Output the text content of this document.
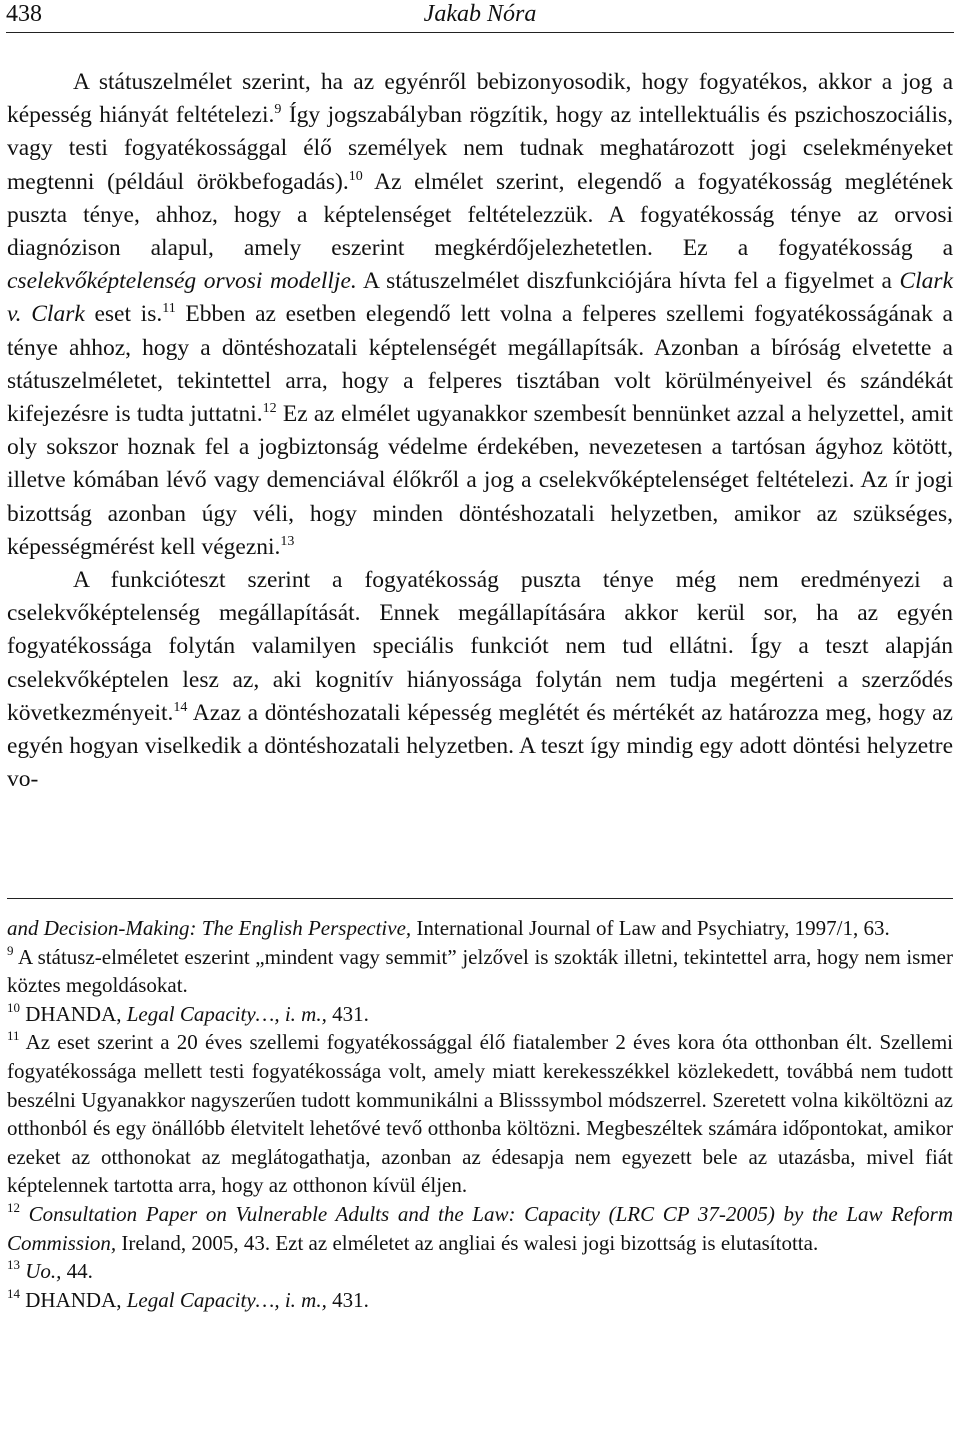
438	Jakab Nóra

A státuszelmélet szerint, ha az egyénről bebizonyosodik, hogy fogyatékos, akkor a jog a képesség hiányát feltételezi.$^9$ Így jogszabályban rögzítik, hogy az intellektuális és pszichoszociális, vagy testi fogyatékossággal élő személyek nem tudnak meghatározott jogi cselekményeket megtenni (például örökbefogadás).$^{10}$ Az elmélet szerint, elegendő a fogyatékosság meglétének puszta ténye, ahhoz, hogy a képtelenséget feltételezzük. A fogyatékosság ténye az orvosi diagnózison alapul, amely eszerint megkérdőjelezhetetlen. Ez a fogyatékosság a cselekvőképtelenség orvosi modellje. A státuszelmélet diszfunkciójára hívta fel a figyelmet a Clark v. Clark eset is.$^{11}$ Ebben az esetben elegendő lett volna a felperes szellemi fogyatékosságának a ténye ahhoz, hogy a döntéshozatali képtelenségét megállapítsák. Azonban a bíróság elvetette a státuszelméletet, tekintettel arra, hogy a felperes tisztában volt körülményeivel és szándékát kifejezésre is tudta juttatni.$^{12}$ Ez az elmélet ugyanakkor szembesít bennünket azzal a helyzettel, amit oly sokszor hoznak fel a jogbiztonság védelme érdekében, nevezetesen a tartósan ágyhoz kötött, illetve kómában lévő vagy demenciával élőkről a jog a cselekvőképtelenséget feltételezi. Az ír jogi bizottság azonban úgy véli, hogy minden döntéshozatali helyzetben, amikor az szükséges, képességmérést kell végezni.$^{13}$

A funkcióteszt szerint a fogyatékosság puszta ténye még nem eredményezi a cselekvőképtelenség megállapítását. Ennek megállapítására akkor kerül sor, ha az egyén fogyatékossága folytán valamilyen speciális funkciót nem tud ellátni. Így a teszt alapján cselekvőképtelen lesz az, aki kognitív hiányossága folytán nem tudja megérteni a szerződés következményeit.$^{14}$ Azaz a döntéshozatali képesség meglétét és mértékét az határozza meg, hogy az egyén hogyan viselkedik a döntéshozatali helyzetben. A teszt így mindig egy adott döntési helyzetre vo-

and Decision-Making: The English Perspective, International Journal of Law and Psychiatry, 1997/1, 63.

$^9$ A státusz-elméletet eszerint „mindent vagy semmit” jelzővel is szokták illetni, tekintettel arra, hogy nem ismer köztes megoldásokat.

$^{10}$ DHANDA, Legal Capacity…, i. m., 431.

$^{11}$ Az eset szerint a 20 éves szellemi fogyatékossággal élő fiatalember 2 éves kora óta otthonban élt. Szellemi fogyatékossága mellett testi fogyatékossága volt, amely miatt kerekesszékkel közlekedett, továbbá nem tudott beszélni Ugyanakkor nagyszerűen tudott kommunikálni a Blisssymbol módszerrel. Szeretett volna kiköltözni az otthonból és egy önállóbb életvitelt lehetővé tevő otthonba költözni. Megbeszéltek számára időpontokat, amikor ezeket az otthonokat az meglátogathatja, azonban az édesapja nem egyezett bele az utazásba, mivel fiát képtelennek tartotta arra, hogy az otthonon kívül éljen.

$^{12}$ Consultation Paper on Vulnerable Adults and the Law: Capacity (LRC CP 37-2005) by the Law Reform Commission, Ireland, 2005, 43. Ezt az elméletet az angliai és walesi jogi bizottság is elutasította.

$^{13}$ Uo., 44.

$^{14}$ DHANDA, Legal Capacity…, i. m., 431.
